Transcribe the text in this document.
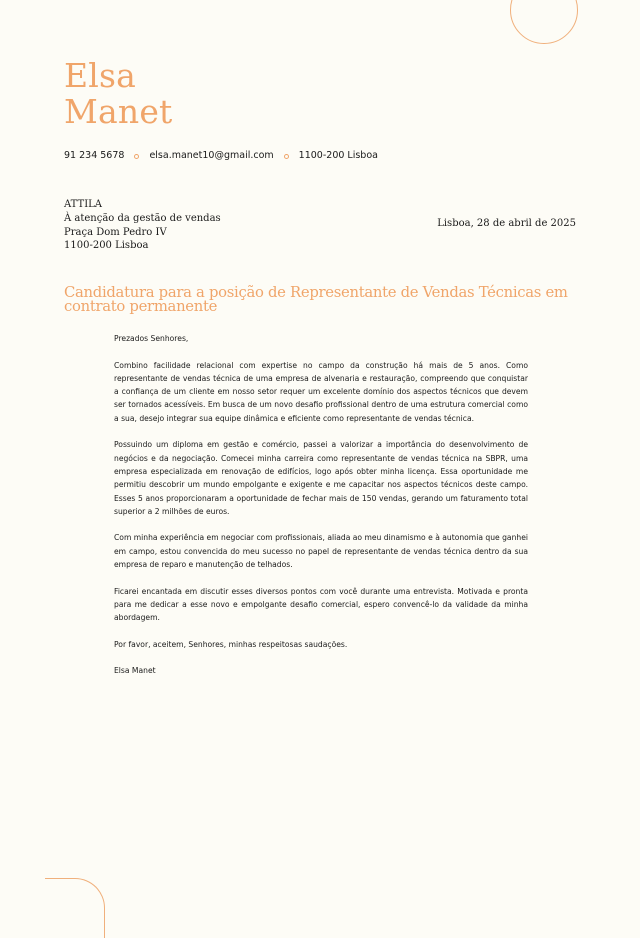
Elsa
Manet
91 234 5678	elsa.manet10@gmail.com	1100-200 Lisboa
ATTILA
À atenção da gestão de vendas
Praça Dom Pedro IV
1100-200 Lisboa
Lisboa, 28 de abril de 2025
Candidatura para a posição de Representante de Vendas Técnicas em contrato permanente

Prezados Senhores,

Combino facilidade relacional com expertise no campo da construção há mais de 5 anos. Como representante de vendas técnica de uma empresa de alvenaria e restauração, compreendo que conquistar a confiança de um cliente em nosso setor requer um excelente domínio dos aspectos técnicos que devem ser tornados acessíveis. Em busca de um novo desafio profissional dentro de uma estrutura comercial como a sua, desejo integrar sua equipe dinâmica e eficiente como representante de vendas técnica.

Possuindo um diploma em gestão e comércio, passei a valorizar a importância do desenvolvimento de negócios e da negociação. Comecei minha carreira como representante de vendas técnica na SBPR, uma empresa especializada em renovação de edifícios, logo após obter minha licença. Essa oportunidade me permitiu descobrir um mundo empolgante e exigente e me capacitar nos aspectos técnicos deste campo. Esses 5 anos proporcionaram a oportunidade de fechar mais de 150 vendas, gerando um faturamento total superior a 2 milhões de euros.

Com minha experiência em negociar com profissionais, aliada ao meu dinamismo e à autonomia que ganhei em campo, estou convencida do meu sucesso no papel de representante de vendas técnica dentro da sua empresa de reparo e manutenção de telhados.

Ficarei encantada em discutir esses diversos pontos com você durante uma entrevista. Motivada e pronta para me dedicar a esse novo e empolgante desafio comercial, espero convencê-lo da validade da minha abordagem.

Por favor, aceitem, Senhores, minhas respeitosas saudações.

Elsa Manet
